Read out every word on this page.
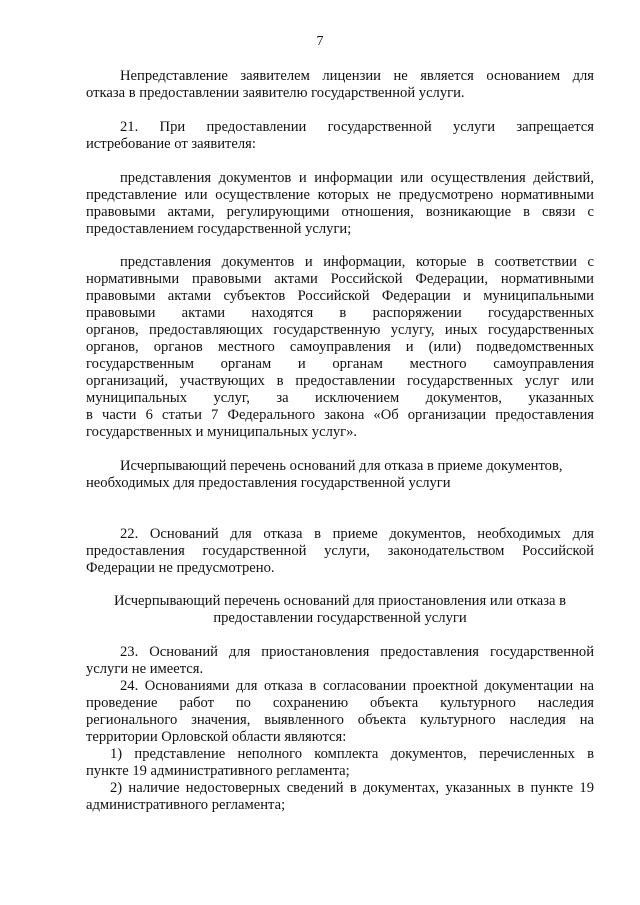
7
Непредставление заявителем лицензии не является основанием для
отказа в предоставлении заявителю государственной услуги.
21. При предоставлении государственной услуги запрещается
истребование от заявителя:
представления документов и информации или осуществления действий,
представление или осуществление которых не предусмотрено нормативными
правовыми актами, регулирующими отношения, возникающие в связи с
предоставлением государственной услуги;
представления документов и информации, которые в соответствии с
нормативными правовыми актами Российской Федерации, нормативными
правовыми актами субъектов Российской Федерации и муниципальными
правовыми актами находятся в распоряжении государственных
органов, предоставляющих государственную услугу, иных государственных
органов, органов местного самоуправления и (или) подведомственных
государственным органам и органам местного самоуправления
организаций, участвующих в предоставлении государственных услуг или
муниципальных услуг, за исключением документов, указанных
в части 6 статьи 7 Федерального закона «Об организации предоставления
государственных и муниципальных услуг».
Исчерпывающий перечень оснований для отказа в приеме документов,
необходимых для предоставления государственной услуги
22. Оснований для отказа в приеме документов, необходимых для
предоставления государственной услуги, законодательством Российской
Федерации не предусмотрено.
Исчерпывающий перечень оснований для приостановления или отказа в
предоставлении государственной услуги
23. Оснований для приостановления предоставления государственной
услуги не имеется.
24. Основаниями для отказа в согласовании проектной документации на
проведение работ по сохранению объекта культурного наследия
регионального значения, выявленного объекта культурного наследия на
территории Орловской области являются:
1) представление неполного комплекта документов, перечисленных в
пункте 19 административного регламента;
2) наличие недостоверных сведений в документах, указанных в пункте 19
административного регламента;
